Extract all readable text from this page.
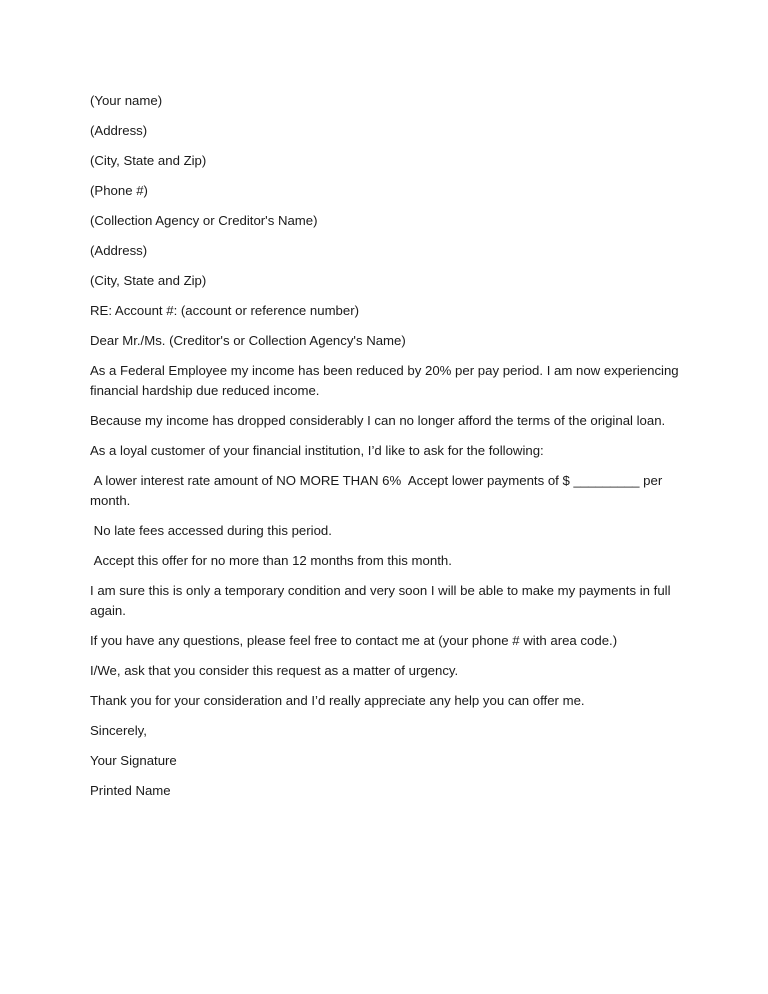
(Your name)

(Address)

(City, State and Zip)

(Phone #)

(Collection Agency or Creditor's Name)

(Address)

(City, State and Zip)

RE: Account #: (account or reference number)

Dear Mr./Ms. (Creditor's or Collection Agency's Name)

As a Federal Employee my income has been reduced by 20% per pay period. I am now experiencing financial hardship due reduced income.

Because my income has dropped considerably I can no longer afford the terms of the original loan.

As a loyal customer of your financial institution, I’d like to ask for the following:

A lower interest rate amount of NO MORE THAN 6%  Accept lower payments of $ _________ per month.

No late fees accessed during this period.

Accept this offer for no more than 12 months from this month.

I am sure this is only a temporary condition and very soon I will be able to make my payments in full again.

If you have any questions, please feel free to contact me at (your phone # with area code.)

I/We, ask that you consider this request as a matter of urgency.

Thank you for your consideration and I’d really appreciate any help you can offer me.

Sincerely,

Your Signature

Printed Name
